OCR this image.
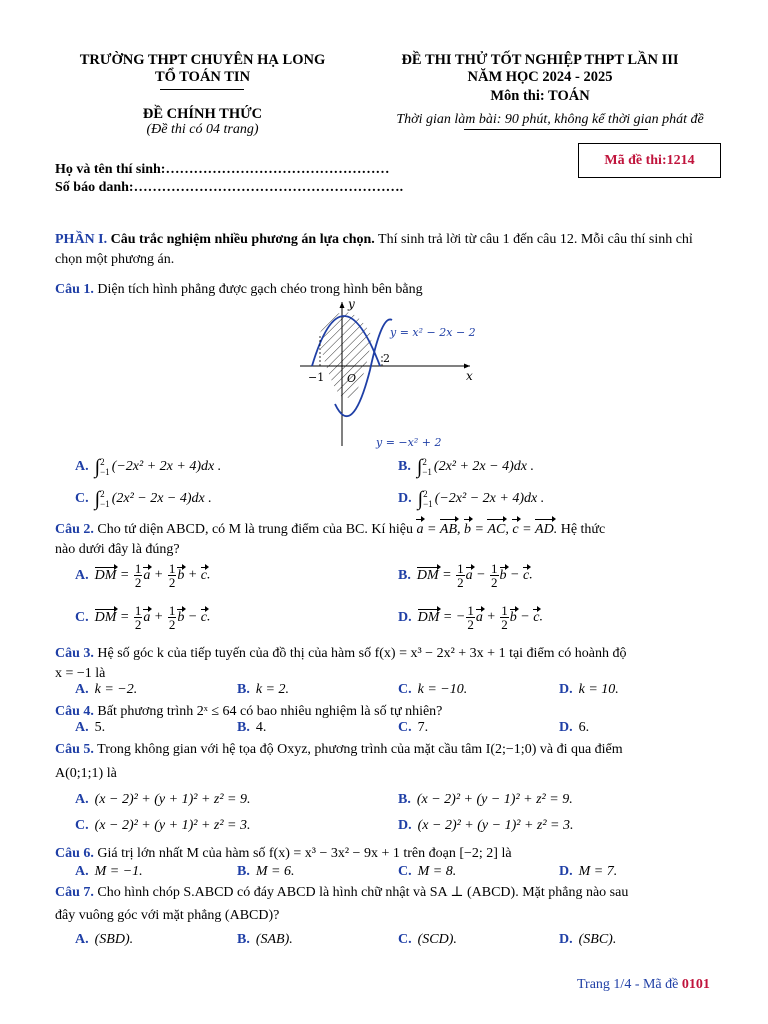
TRƯỜNG THPT CHUYÊN HẠ LONG
TỔ TOÁN TIN
ĐỀ CHÍNH THỨC
(Đề thi có 04 trang)
ĐỀ THI THỬ TỐT NGHIỆP THPT LẦN III
NĂM HỌC 2024 - 2025
Môn thi: TOÁN
Thời gian làm bài: 90 phút, không kể thời gian phát đề
Họ và tên thí sinh:…………………………………………
Số báo danh:………………………………………………….
Mã đề thi:1214
PHẦN I. Câu trắc nghiệm nhiều phương án lựa chọn. Thí sinh trả lời từ câu 1 đến câu 12. Mỗi câu thí sinh chỉ chọn một phương án.
Câu 1. Diện tích hình phẳng được gạch chéo trong hình bên bằng
y
x
O
−1
2
y = x² − 2x − 2
y = −x² + 2
A. ∫ 2
−1 (−2x² + 2x + 4)dx .	B. ∫ 2
−1 (2x² + 2x − 4)dx .
C. ∫ 2
−1 (2x² − 2x − 4)dx .	D. ∫ 2
−1 (−2x² − 2x + 4)dx .
Câu 2. Cho tứ diện ABCD, có M là trung điểm của BC. Kí hiệu a = AB, b = AC, c = AD. Hệ thức
nào dưới đây là đúng?
A. DM = $\frac{1}{2}$ $a + \frac{1}{2}$ b + c.	B. DM = $\frac{1}{2}$ $a - \frac{1}{2}$ b − c.
C. DM = $\frac{1}{2}$ $a + \frac{1}{2}$ b − c.	D. DM = − $\frac{1}{2}$ $a + \frac{1}{2}$ b − c.
Câu 3. Hệ số góc k của tiếp tuyến của đồ thị của hàm số f(x) = x³ − 2x² + 3x + 1 tại điểm có hoành độ
x = −1 là
A. k = −2.	B. k = 2.	C. k = −10.	D. k = 10.
Câu 4. Bất phương trình 2ˣ ≤ 64 có bao nhiêu nghiệm là số tự nhiên?
A. 5.	B. 4.	C. 7.	D. 6.
Câu 5. Trong không gian với hệ tọa độ Oxyz, phương trình của mặt cầu tâm I(2;−1;0) và đi qua điểm
A(0;1;1) là
A. (x − 2)² + (y + 1)² + z² = 9.	B. (x − 2)² + (y − 1)² + z² = 9.
C. (x − 2)² + (y + 1)² + z² = 3.	D. (x − 2)² + (y − 1)² + z² = 3.
Câu 6. Giá trị lớn nhất M của hàm số f(x) = x³ − 3x² − 9x + 1 trên đoạn [−2; 2] là
A. M = −1.	B. M = 6.	C. M = 8.	D. M = 7.
Câu 7. Cho hình chóp S.ABCD có đáy ABCD là hình chữ nhật và SA ⊥ (ABCD). Mặt phẳng nào sau
đây vuông góc với mặt phẳng (ABCD)?
A. (SBD).	B. (SAB).	C. (SCD).	D. (SBC).
Trang 1/4 - Mã đề 0101
